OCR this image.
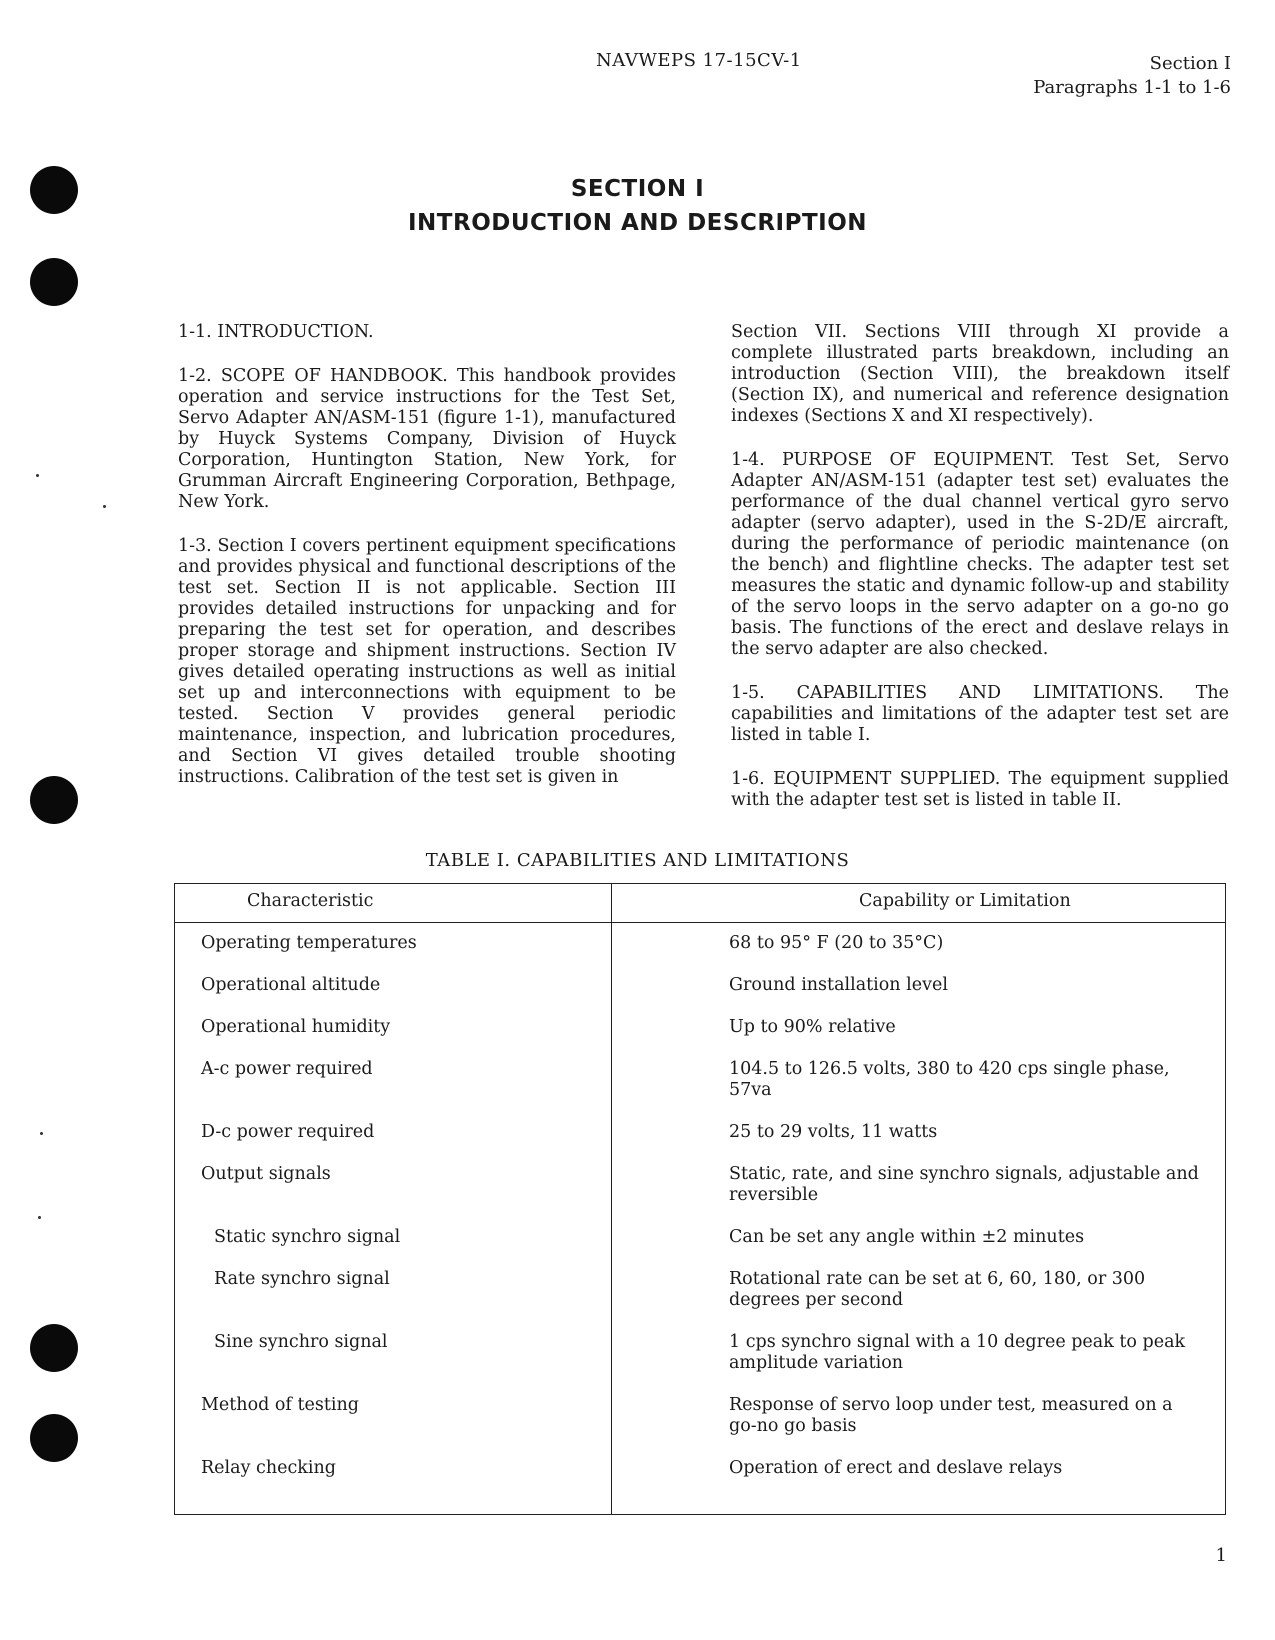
NAVWEPS 17-15CV-1	Section I
Paragraphs 1-1 to 1-6
SECTION I
INTRODUCTION AND DESCRIPTION

1-1. INTRODUCTION.

1-2. SCOPE OF HANDBOOK. This handbook provides operation and service instructions for the Test Set, Servo Adapter AN/ASM-151 (figure 1-1), manufactured by Huyck Systems Company, Division of Huyck Corporation, Huntington Station, New York, for Grumman Aircraft Engineering Corporation, Bethpage, New York.

1-3. Section I covers pertinent equipment specifications and provides physical and functional descriptions of the test set. Section II is not applicable. Section III provides detailed instructions for unpacking and for preparing the test set for operation, and describes proper storage and shipment instructions. Section IV gives detailed operating instructions as well as initial set up and interconnections with equipment to be tested. Section V provides general periodic maintenance, inspection, and lubrication procedures, and Section VI gives detailed trouble shooting instructions. Calibration of the test set is given in

Section VII. Sections VIII through XI provide a complete illustrated parts breakdown, including an introduction (Section VIII), the breakdown itself (Section IX), and numerical and reference designation indexes (Sections X and XI respectively).

1-4. PURPOSE OF EQUIPMENT. Test Set, Servo Adapter AN/ASM-151 (adapter test set) evaluates the performance of the dual channel vertical gyro servo adapter (servo adapter), used in the S-2D/E aircraft, during the performance of periodic maintenance (on the bench) and flightline checks. The adapter test set measures the static and dynamic follow-up and stability of the servo loops in the servo adapter on a go-no go basis. The functions of the erect and deslave relays in the servo adapter are also checked.

1-5. CAPABILITIES AND LIMITATIONS. The capabilities and limitations of the adapter test set are listed in table I.

1-6. EQUIPMENT SUPPLIED. The equipment supplied with the adapter test set is listed in table II.

TABLE I. CAPABILITIES AND LIMITATIONS
Characteristic	Capability or Limitation
Operating temperatures	68 to 95° F (20 to 35°C)
Operational altitude	Ground installation level
Operational humidity	Up to 90% relative
A-c power required	104.5 to 126.5 volts, 380 to 420 cps single phase, 57va
D-c power required	25 to 29 volts, 11 watts
Output signals	Static, rate, and sine synchro signals, adjustable and reversible
Static synchro signal	Can be set any angle within ±2 minutes
Rate synchro signal	Rotational rate can be set at 6, 60, 180, or 300 degrees per second
Sine synchro signal	1 cps synchro signal with a 10 degree peak to peak amplitude variation
Method of testing	Response of servo loop under test, measured on a go-no go basis
Relay checking	Operation of erect and deslave relays
1
